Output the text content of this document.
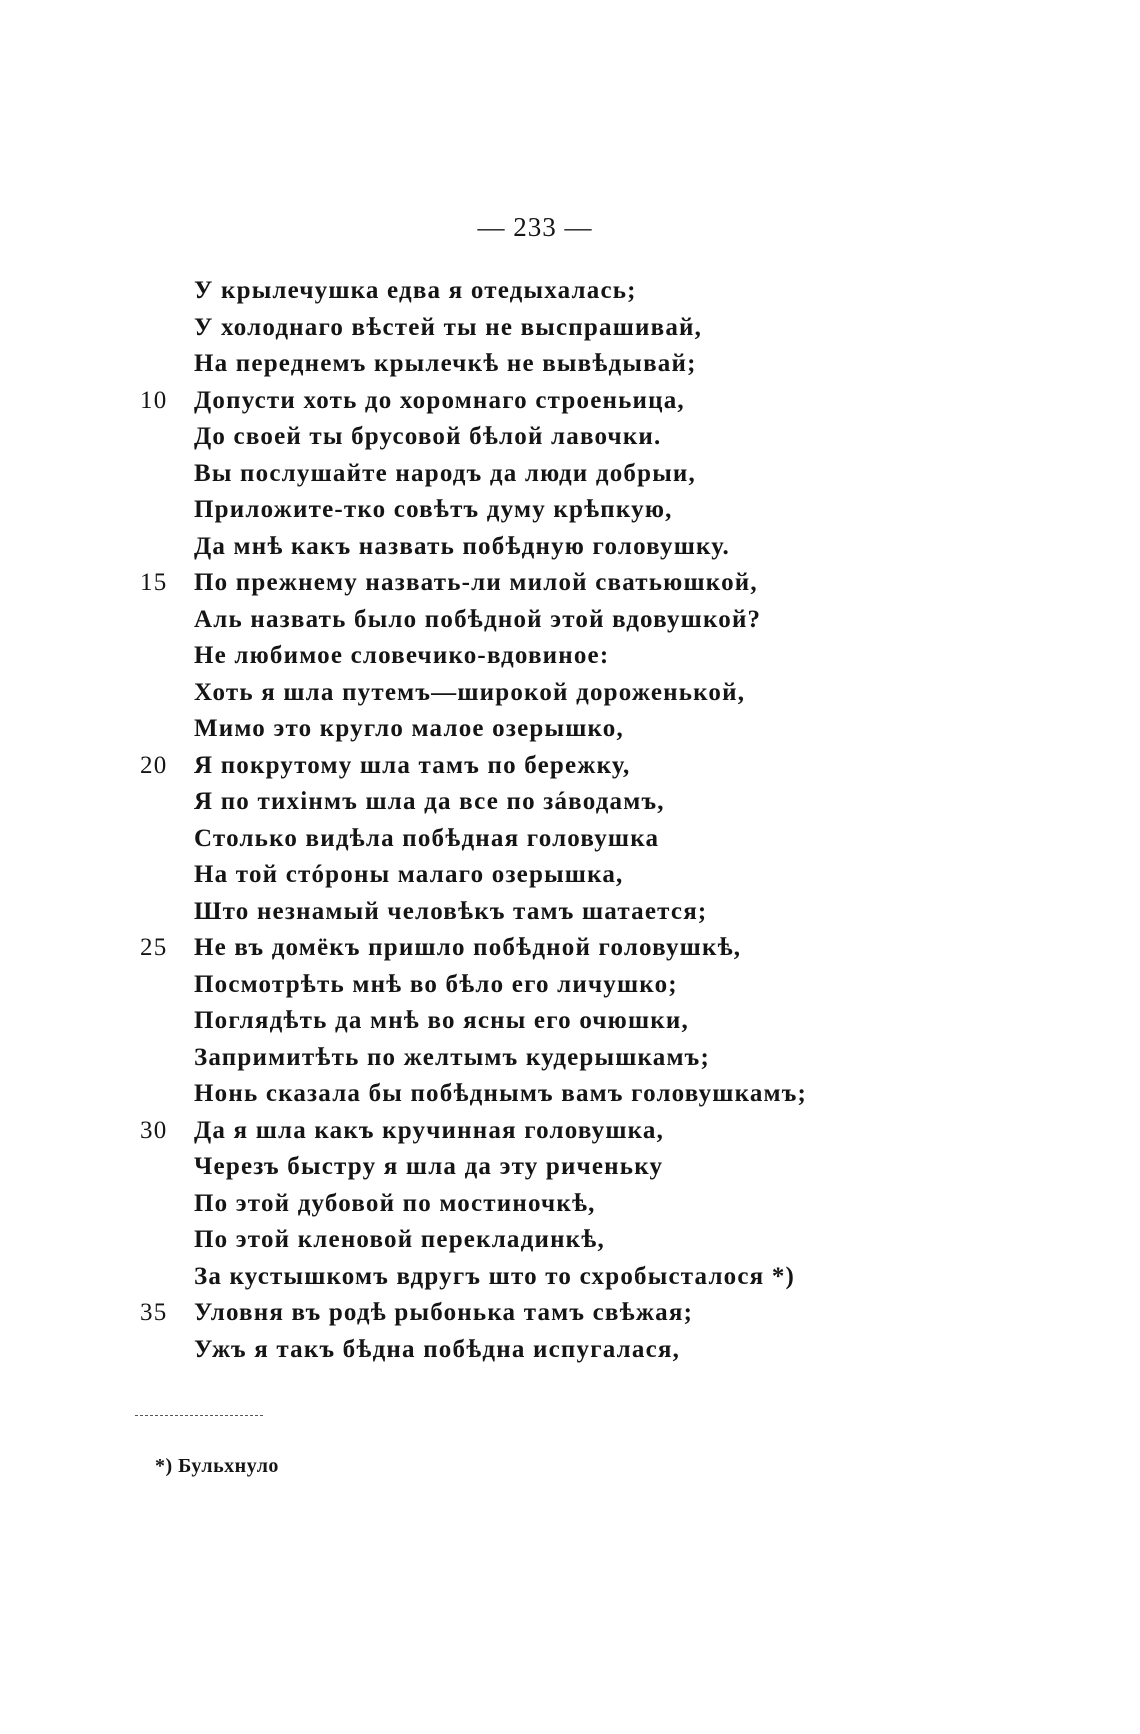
— 233 —
У крылечушка едва я отедыхалась;
У холоднаго вѣстей ты не выспрашивай,
На переднемъ крылечкѣ не вывѣдывай;
10	Допусти хоть до хоромнаго строеньица,
До своей ты брусовой бѣлой лавочки.
Вы послушайте народъ да люди добрыи,
Приложите-тко совѣтъ думу крѣпкую,
Да мнѣ какъ назвать побѣдную головушку.
15	По прежнему назвать-ли милой сватьюшкой,
Аль назвать было побѣдной этой вдовушкой?
Не любимое словечико-вдовиное:
Хоть я шла путемъ—широкой дороженькой,
Мимо это кругло малое озерышко,
20	Я покрутому шла тамъ по бережку,
Я по тихінмъ шла да все по зáводамъ,
Столько видѣла побѣдная головушка
На той стóроны малаго озерышка,
Што незнамый человѣкъ тамъ шатается;
25	Не въ домёкъ пришло побѣдной головушкѣ,
Посмотрѣть мнѣ во бѣло его личушко;
Поглядѣть да мнѣ во ясны его очюшки,
Запримитѣть по желтымъ кудерышкамъ;
Нонь сказала бы побѣднымъ вамъ головушкамъ;
30	Да я шла какъ кручинная головушка,
Черезъ быстру я шла да эту риченьку
По этой дубовой по мостиночкѣ,
По этой кленовой перекладинкѣ,
За кустышкомъ вдругъ што то схробысталося *)
35	Уловня въ родѣ рыбонька тамъ свѣжая;
Ужъ я такъ бѣдна побѣдна испугалася,
*) Бульхнуло
